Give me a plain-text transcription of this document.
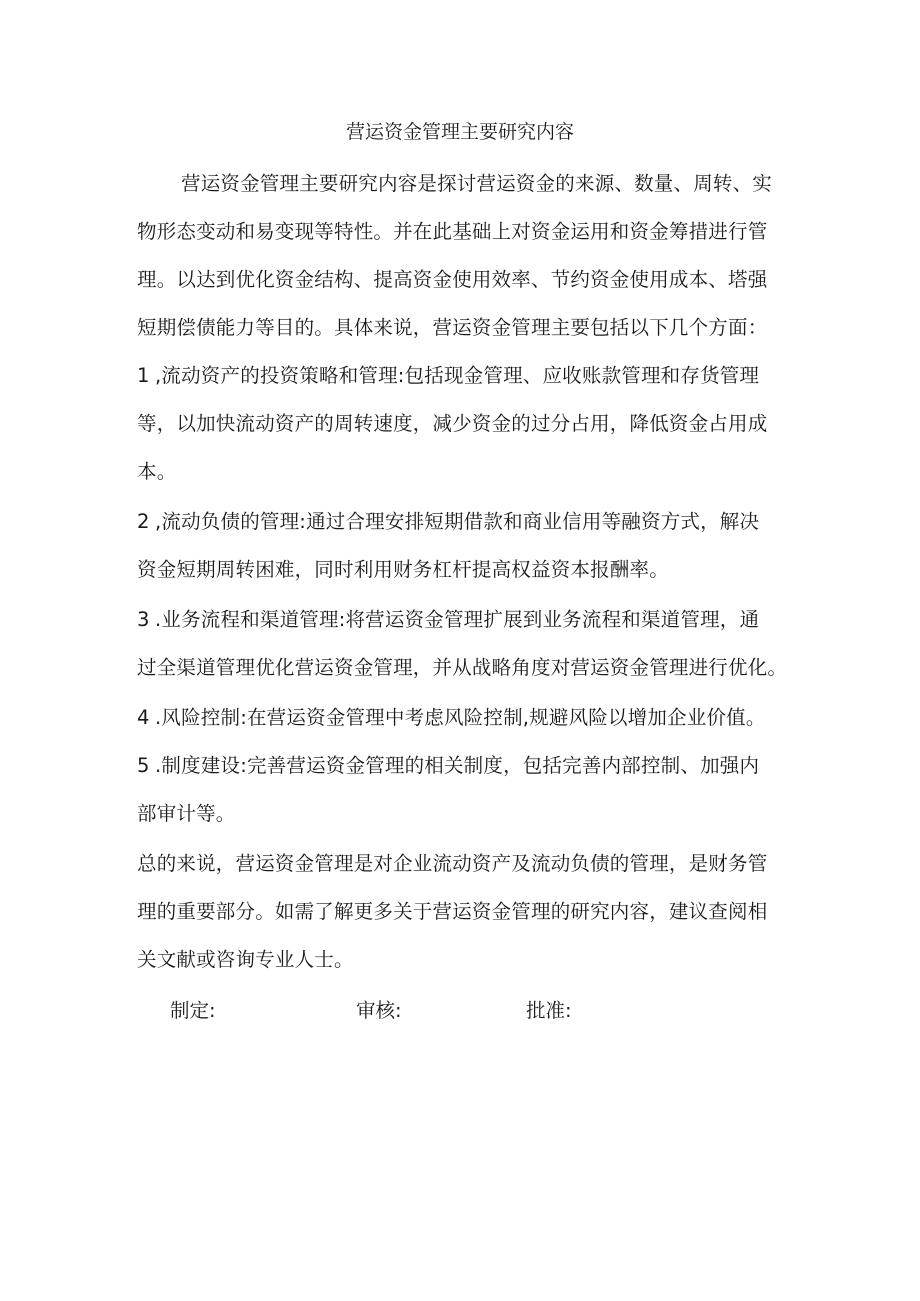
营运资金管理主要研究内容
营运资金管理主要研究内容是探讨营运资金的来源、数量、周转、实
物形态变动和易变现等特性。并在此基础上对资金运用和资金筹措进行管
理。以达到优化资金结构、提高资金使用效率、节约资金使用成本、塔强
短期偿债能力等目的。具体来说，营运资金管理主要包括以下几个方面：
1 ,流动资产的投资策略和管理:包括现金管理、应收账款管理和存货管理
等，以加快流动资产的周转速度，减少资金的过分占用，降低资金占用成
本。
2 ,流动负债的管理:通过合理安排短期借款和商业信用等融资方式，解决
资金短期周转困难，同时利用财务杠杆提高权益资本报酬率。
3 .业务流程和渠道管理:将营运资金管理扩展到业务流程和渠道管理，通
过全渠道管理优化营运资金管理，并从战略角度对营运资金管理进行优化。
4 .风险控制:在营运资金管理中考虑风险控制,规避风险以增加企业价值。
5 .制度建设:完善营运资金管理的相关制度，包括完善内部控制、加强内
部审计等。
总的来说，营运资金管理是对企业流动资产及流动负债的管理，是财务管
理的重要部分。如需了解更多关于营运资金管理的研究内容，建议查阅相
关文献或咨询专业人士。
制定:	审核:	批准:
